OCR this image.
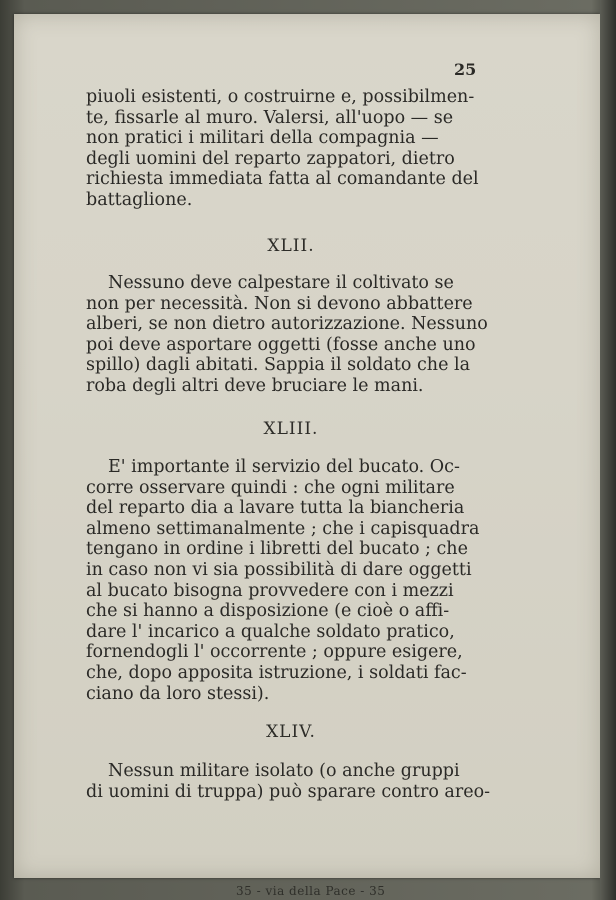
25

piuoli esistenti, o costruirne e, possibilmen-

te, fissarle al muro. Valersi, all'uopo — se

non pratici i militari della compagnia —

degli uomini del reparto zappatori, dietro

richiesta immediata fatta al comandante del

battaglione.

XLII.

Nessuno deve calpestare il coltivato se

non per necessità. Non si devono abbattere

alberi, se non dietro autorizzazione. Nessuno

poi deve asportare oggetti (fosse anche uno

spillo) dagli abitati. Sappia il soldato che la

roba degli altri deve bruciare le mani.

XLIII.

E' importante il servizio del bucato. Oc-

corre osservare quindi : che ogni militare

del reparto dia a lavare tutta la biancheria

almeno settimanalmente ; che i capisquadra

tengano in ordine i libretti del bucato ; che

in caso non vi sia possibilità di dare oggetti

al bucato bisogna provvedere con i mezzi

che si hanno a disposizione (e cioè o affi-

dare l' incarico a qualche soldato pratico,

fornendogli l' occorrente ; oppure esigere,

che, dopo apposita istruzione, i soldati fac-

ciano da loro stessi).

XLIV.

Nessun militare isolato (o anche gruppi

di uomini di truppa) può sparare contro areo-

35 - via della Pace - 35
